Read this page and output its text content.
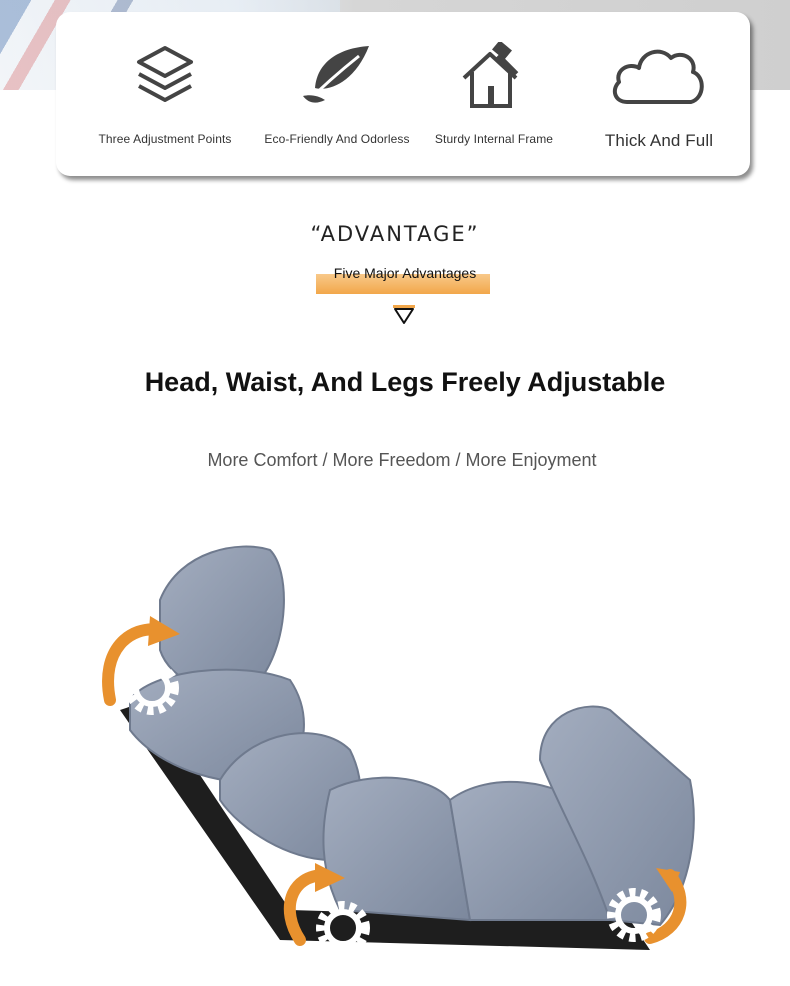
Three Adjustment Points	Eco-Friendly And Odorless	Sturdy Internal Frame	Thick And Full
“ADVANTAGE”
Five Major Advantages
Head, Waist, And Legs Freely Adjustable
More Comfort / More Freedom / More Enjoyment
